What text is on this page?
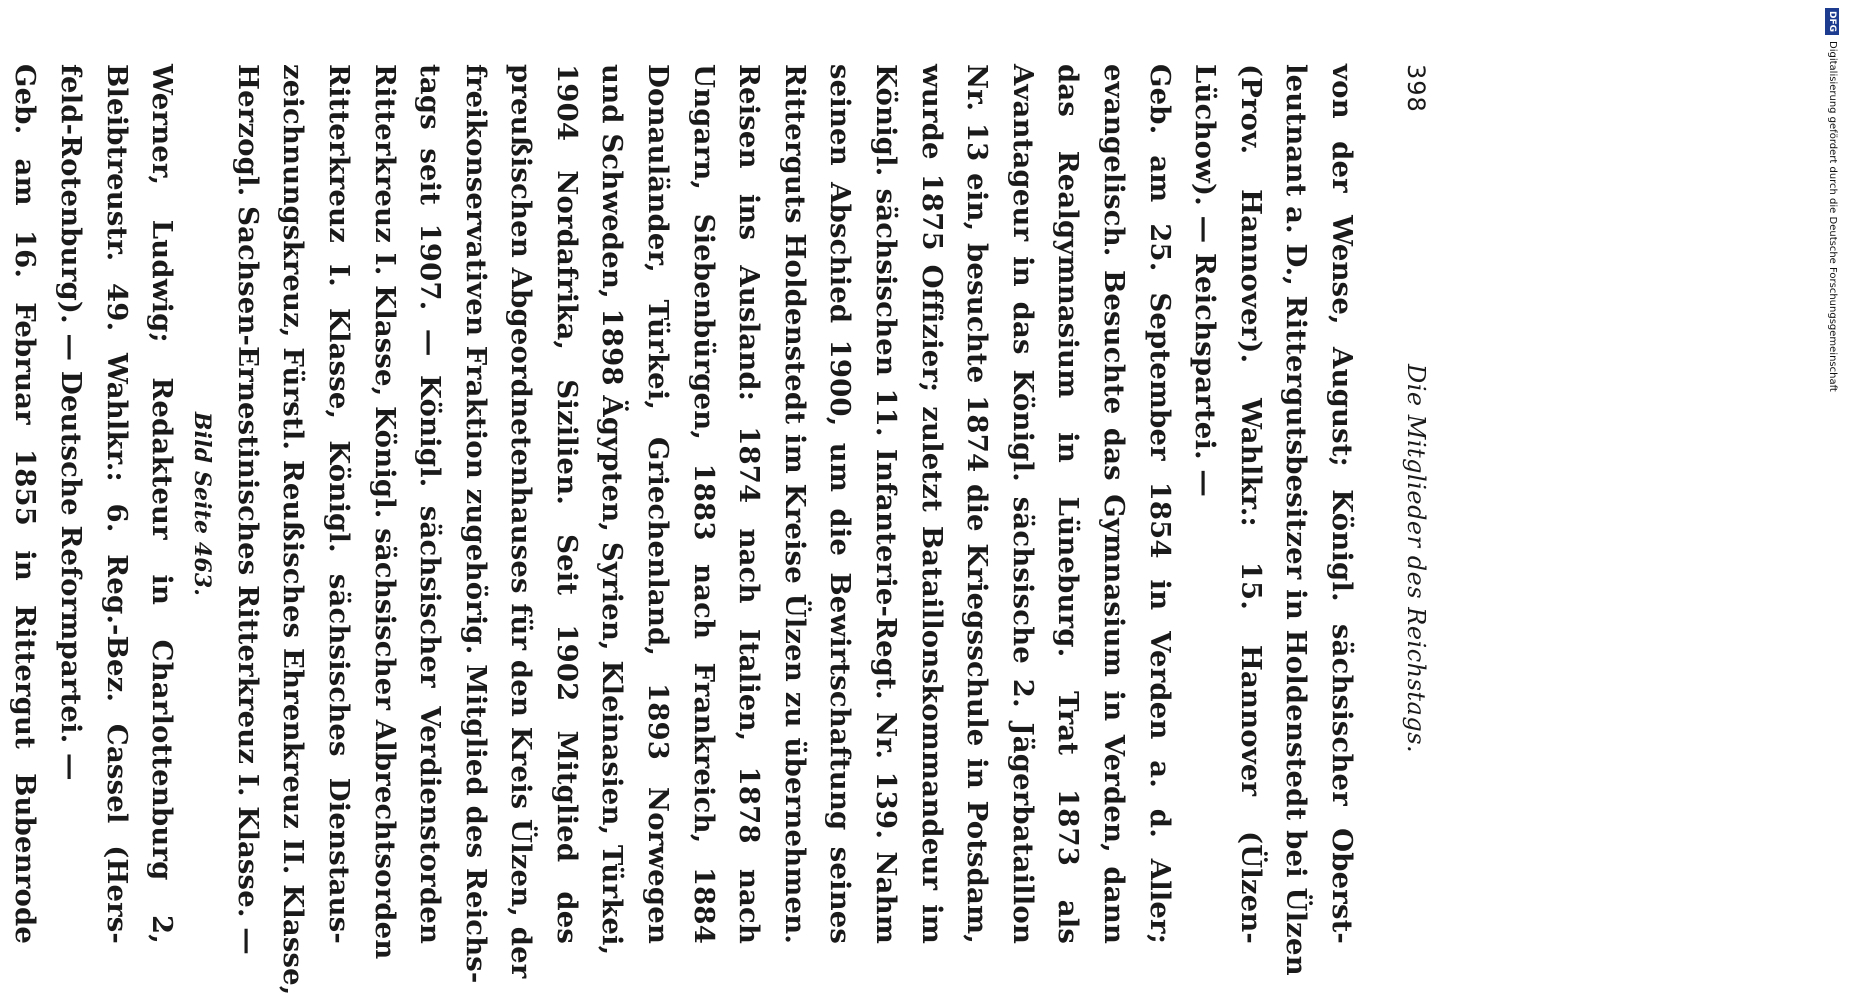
398
Die Mitglieder des Reichstags.
von der Wense, August; Königl. sächsischer Oberst-
leutnant a. D., Rittergutsbesitzer in Holdenstedt bei Ülzen
(Prov. Hannover). Wahlkr.: 15. Hannover (Ülzen-
Lüchow). — Reichspartei. —
Geb. am 25. September 1854 in Verden a. d. Aller;
evangelisch. Besuchte das Gymnasium in Verden, dann
das Realgymnasium in Lüneburg. Trat 1873 als
Avantageur in das Königl. sächsische 2. Jägerbataillon
Nr. 13 ein, besuchte 1874 die Kriegsschule in Potsdam,
wurde 1875 Offizier; zuletzt Bataillonskommandeur im
Königl. sächsischen 11. Infanterie-Regt. Nr. 139. Nahm
seinen Abschied 1900, um die Bewirtschaftung seines
Ritterguts Holdenstedt im Kreise Ülzen zu übernehmen.
Reisen ins Ausland: 1874 nach Italien, 1878 nach
Ungarn, Siebenbürgen, 1883 nach Frankreich, 1884
Donauländer, Türkei, Griechenland, 1893 Norwegen
und Schweden, 1898 Ägypten, Syrien, Kleinasien, Türkei,
1904 Nordafrika, Sizilien. Seit 1902 Mitglied des
preußischen Abgeordnetenhauses für den Kreis Ülzen, der
freikonservativen Fraktion zugehörig. Mitglied des Reichs-
tags seit 1907. — Königl. sächsischer Verdienstorden
Ritterkreuz I. Klasse, Königl. sächsischer Albrechtsorden
Ritterkreuz I. Klasse, Königl. sächsisches Dienstaus-
zeichnungskreuz, Fürstl. Reußisches Ehrenkreuz II. Klasse,
Herzogl. Sachsen-Ernestinisches Ritterkreuz I. Klasse. —
Bild Seite 463.
Werner, Ludwig; Redakteur in Charlottenburg 2,
Bleibtreustr. 49. Wahlkr.: 6. Reg.-Bez. Cassel (Hers-
feld-Rotenburg). — Deutsche Reformpartei. —
Geb. am 16. Februar 1855 in Rittergut Bubenrode
DFGDigitalisierung gefördert durch die Deutsche Forschungsgemeinschaft
